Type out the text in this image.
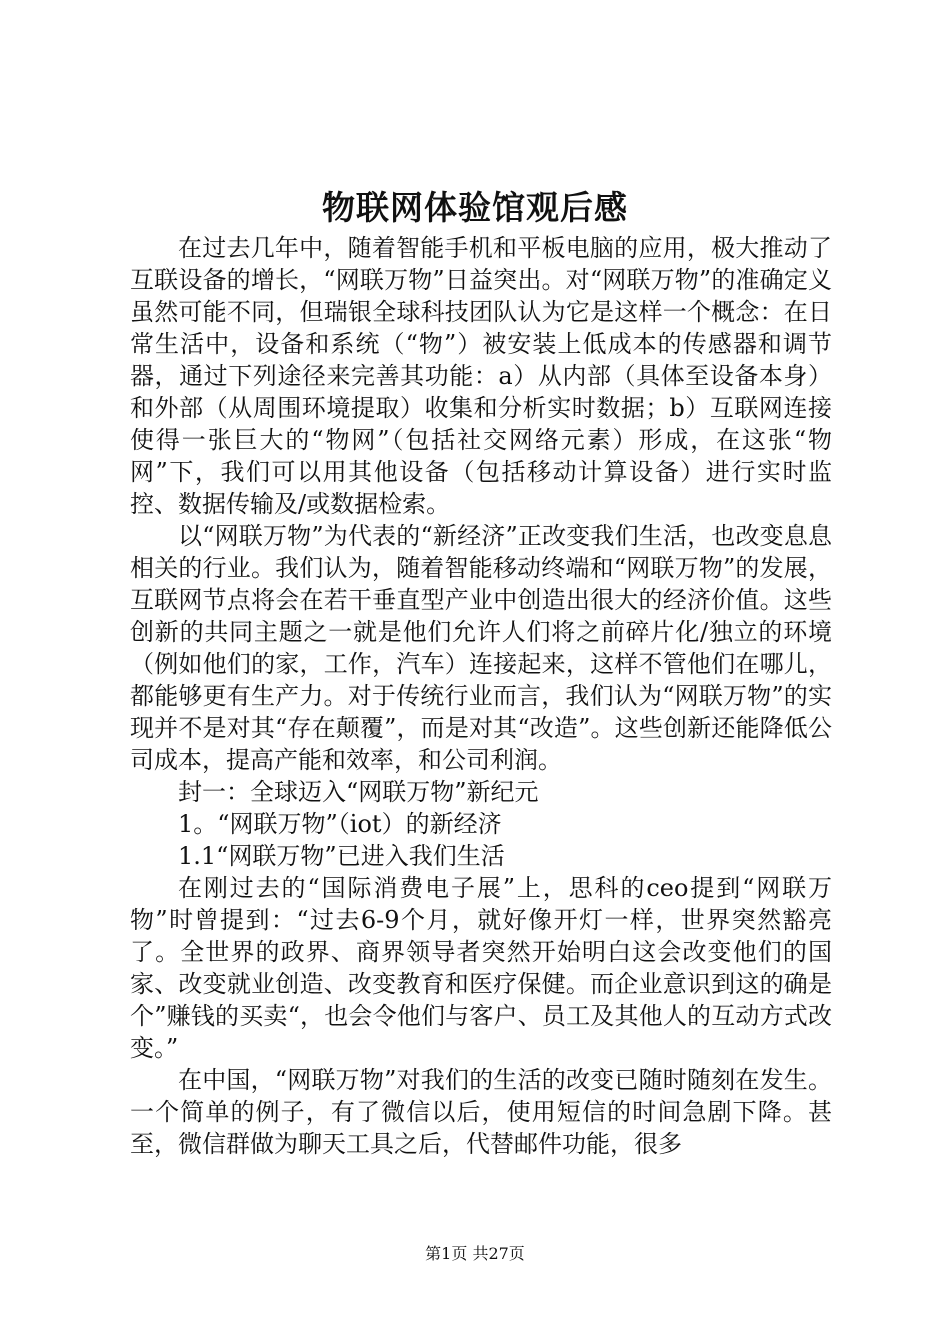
物联网体验馆观后感

在过去几年中，随着智能手机和平板电脑的应用，极大推动了互联设备的增长，“网联万物”日益突出。对“网联万物”的准确定义虽然可能不同，但瑞银全球科技团队认为它是这样一个概念：在日常生活中，设备和系统（“物”）被安装上低成本的传感器和调节器，通过下列途径来完善其功能：a）从内部（具体至设备本身）和外部（从周围环境提取）收集和分析实时数据；b）互联网连接使得一张巨大的“物网”（包括社交网络元素）形成，在这张“物网”下，我们可以用其他设备（包括移动计算设备）进行实时监控、数据传输及/或数据检索。

以“网联万物”为代表的“新经济”正改变我们生活，也改变息息相关的行业。我们认为，随着智能移动终端和“网联万物”的发展，互联网节点将会在若干垂直型产业中创造出很大的经济价值。这些创新的共同主题之一就是他们允许人们将之前碎片化/独立的环境（例如他们的家，工作，汽车）连接起来，这样不管他们在哪儿，都能够更有生产力。对于传统行业而言，我们认为“网联万物”的实现并不是对其“存在颠覆”，而是对其“改造”。这些创新还能降低公司成本，提高产能和效率，和公司利润。

封一：全球迈入“网联万物”新纪元

1。“网联万物”（iot）的新经济

1.1“网联万物”已进入我们生活

在刚过去的“国际消费电子展”上，思科的ceo提到“网联万物”时曾提到：“过去6-9个月，就好像开灯一样，世界突然豁亮了。全世界的政界、商界领导者突然开始明白这会改变他们的国家、改变就业创造、改变教育和医疗保健。而企业意识到这的确是个”赚钱的买卖“，也会令他们与客户、员工及其他人的互动方式改变。”

在中国，“网联万物”对我们的生活的改变已随时随刻在发生。一个简单的例子，有了微信以后，使用短信的时间急剧下降。甚至，微信群做为聊天工具之后，代替邮件功能，很多

第1页 共27页
